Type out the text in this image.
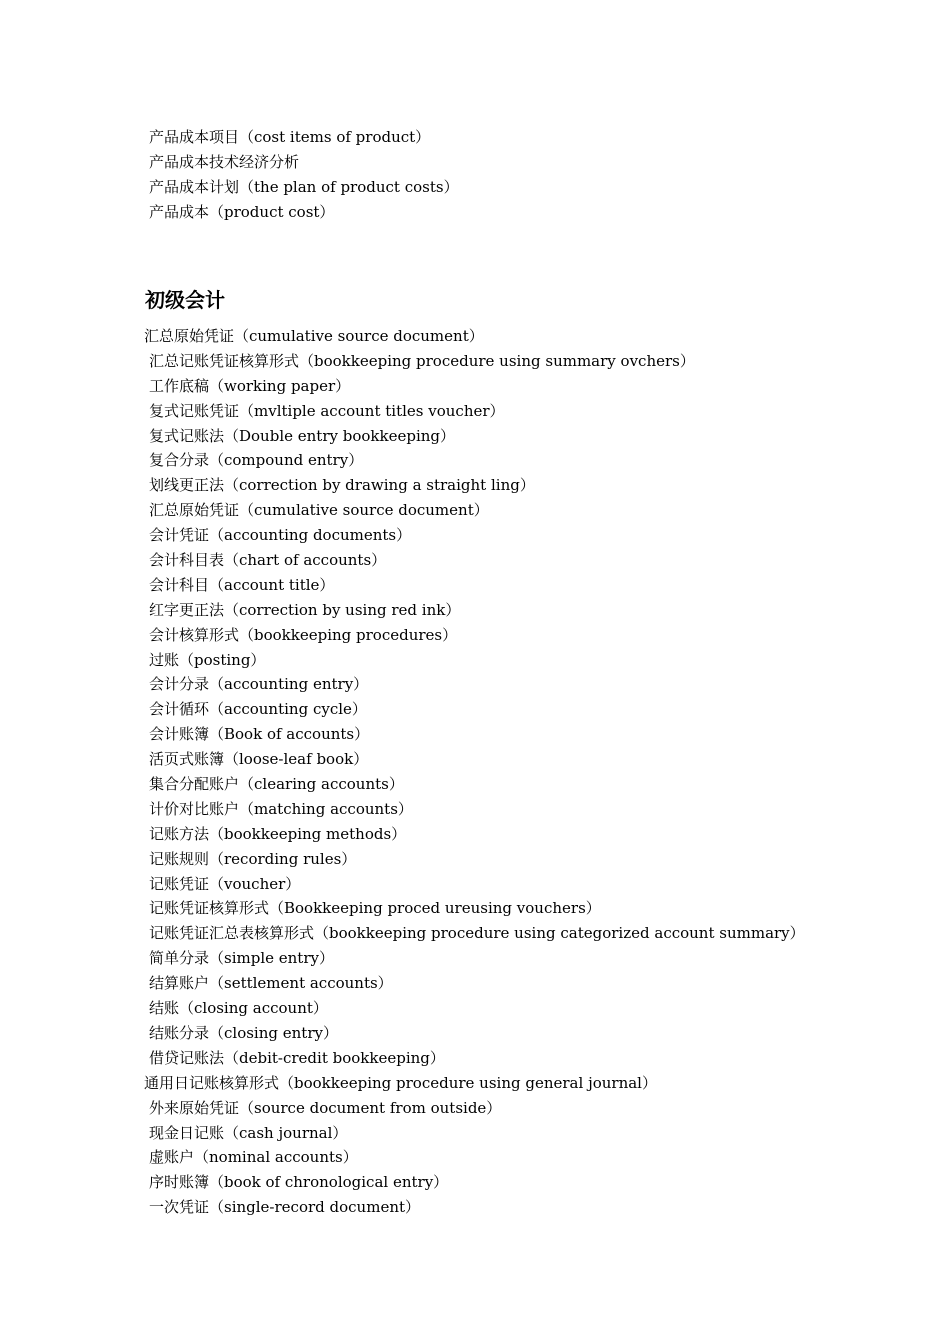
产品成本项目（cost items of product）
产品成本技术经济分析
产品成本计划（the plan of product costs）
产品成本（product cost）
初级会计
汇总原始凭证（cumulative source document）
汇总记账凭证核算形式（bookkeeping procedure using summary ovchers）
工作底稿（working paper）
复式记账凭证（mvltiple account titles voucher）
复式记账法（Double entry bookkeeping）
复合分录（compound entry）
划线更正法（correction by drawing a straight ling）
汇总原始凭证（cumulative source document）
会计凭证（accounting documents）
会计科目表（chart of accounts）
会计科目（account title）
红字更正法（correction by using red ink）
会计核算形式（bookkeeping procedures）
过账（posting）
会计分录（accounting entry）
会计循环（accounting cycle）
会计账簿（Book of accounts）
活页式账簿（loose-leaf book）
集合分配账户（clearing accounts）
计价对比账户（matching accounts）
记账方法（bookkeeping methods）
记账规则（recording rules）
记账凭证（voucher）
记账凭证核算形式（Bookkeeping proced ureusing vouchers）
记账凭证汇总表核算形式（bookkeeping procedure using categorized account summary）
简单分录（simple entry）
结算账户（settlement accounts）
结账（closing account）
结账分录（closing entry）
借贷记账法（debit-credit bookkeeping）
通用日记账核算形式（bookkeeping procedure using general journal）
外来原始凭证（source document from outside）
现金日记账（cash journal）
虚账户（nominal accounts）
序时账簿（book of chronological entry）
一次凭证（single-record document）
